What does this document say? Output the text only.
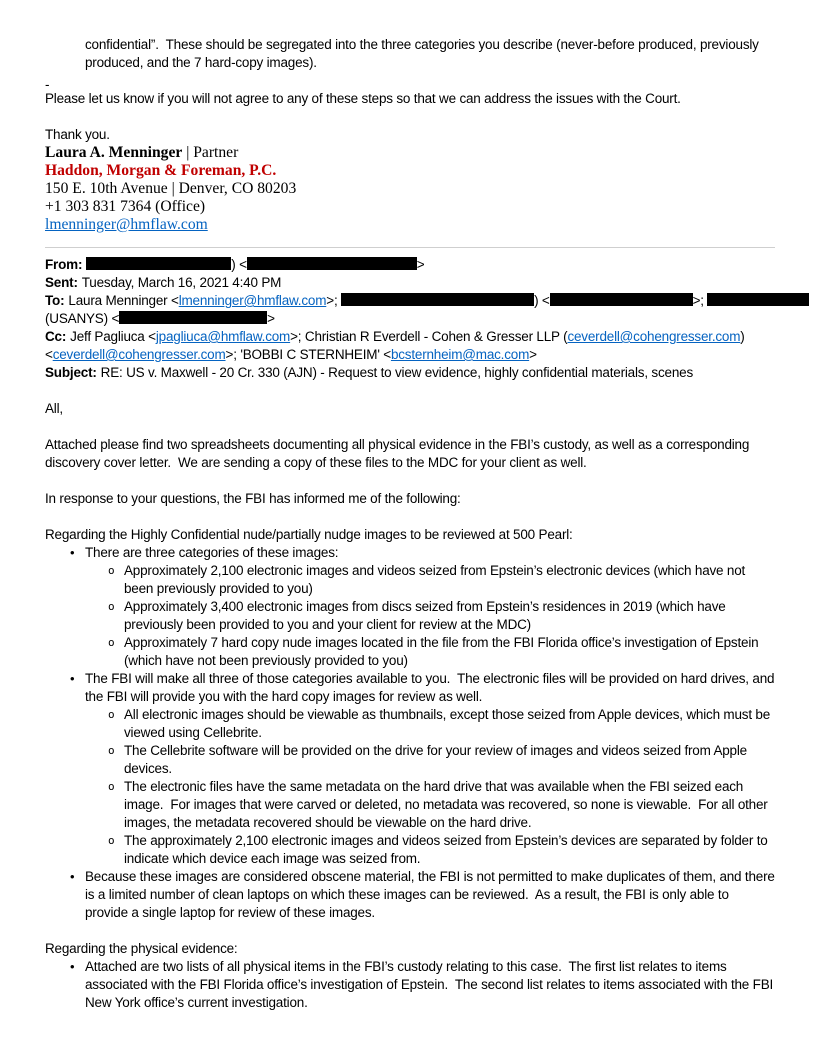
confidential”.  These should be segregated into the three categories you describe (never-before produced, previously produced, and the 7 hard-copy images).
-
Please let us know if you will not agree to any of these steps so that we can address the issues with the Court.
Thank you.
Laura A. Menninger | Partner
Haddon, Morgan & Foreman, P.C.
150 E. 10th Avenue | Denver, CO 80203
+1 303 831 7364 (Office)
lmenninger@hmflaw.com
From:	) <	>
Sent: Tuesday, March 16, 2021 4:40 PM
To: Laura Menninger <lmenninger@hmflaw.com>;	) <	>;
(USANYS) <	>
Cc: Jeff Pagliuca <jpagliuca@hmflaw.com>; Christian R Everdell - Cohen & Gresser LLP (ceverdell@cohengresser.com)
<ceverdell@cohengresser.com>; 'BOBBI C STERNHEIM' <bcsternheim@mac.com>
Subject: RE: US v. Maxwell - 20 Cr. 330 (AJN) - Request to view evidence, highly confidential materials, scenes
All,
Attached please find two spreadsheets documenting all physical evidence in the FBI’s custody, as well as a corresponding discovery cover letter.  We are sending a copy of these files to the MDC for your client as well.
In response to your questions, the FBI has informed me of the following:
Regarding the Highly Confidential nude/partially nudge images to be reviewed at 500 Pearl:
• There are three categories of these images:
o Approximately 2,100 electronic images and videos seized from Epstein’s electronic devices (which have not been previously provided to you)
o Approximately 3,400 electronic images from discs seized from Epstein’s residences in 2019 (which have previously been provided to you and your client for review at the MDC)
o Approximately 7 hard copy nude images located in the file from the FBI Florida office’s investigation of Epstein (which have not been previously provided to you)
• The FBI will make all three of those categories available to you.  The electronic files will be provided on hard drives, and the FBI will provide you with the hard copy images for review as well.
o All electronic images should be viewable as thumbnails, except those seized from Apple devices, which must be viewed using Cellebrite.
o The Cellebrite software will be provided on the drive for your review of images and videos seized from Apple devices.
o The electronic files have the same metadata on the hard drive that was available when the FBI seized each image.  For images that were carved or deleted, no metadata was recovered, so none is viewable.  For all other images, the metadata recovered should be viewable on the hard drive.
o The approximately 2,100 electronic images and videos seized from Epstein’s devices are separated by folder to indicate which device each image was seized from.
• Because these images are considered obscene material, the FBI is not permitted to make duplicates of them, and there is a limited number of clean laptops on which these images can be reviewed.  As a result, the FBI is only able to provide a single laptop for review of these images.
Regarding the physical evidence:
• Attached are two lists of all physical items in the FBI’s custody relating to this case.  The first list relates to items associated with the FBI Florida office’s investigation of Epstein.  The second list relates to items associated with the FBI New York office’s current investigation.
